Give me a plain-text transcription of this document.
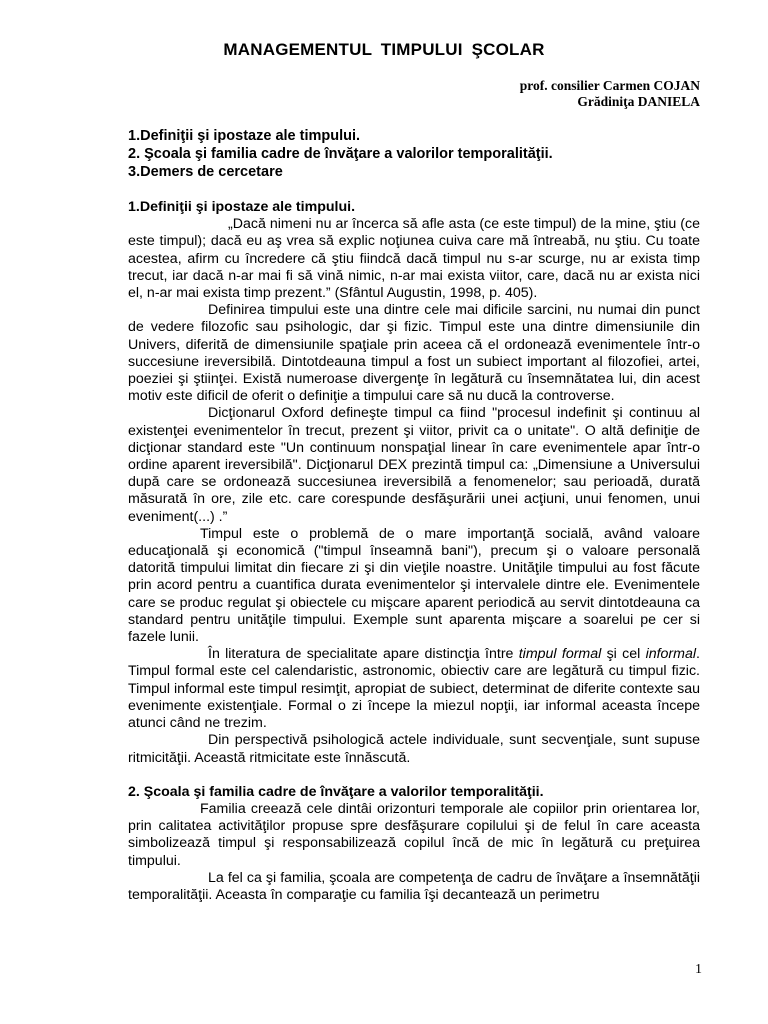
MANAGEMENTUL TIMPULUI ŞCOLAR
prof. consilier Carmen COJAN
Grădiniţa DANIELA
1.Definiţii şi ipostaze ale timpului.
2. Şcoala şi familia cadre de învăţare a valorilor temporalităţii.
3.Demers de cercetare

1.Definiţii şi ipostaze ale timpului.

„Dacă nimeni nu ar încerca să afle asta (ce este timpul) de la mine, ştiu (ce este timpul); dacă eu aş vrea să explic noţiunea cuiva care mă întreabă, nu ştiu. Cu toate acestea, afirm cu încredere că ştiu fiindcă dacă timpul nu s-ar scurge, nu ar exista timp trecut, iar dacă n-ar mai fi să vină nimic, n-ar mai exista viitor, care, dacă nu ar exista nici el, n-ar mai exista timp prezent.” (Sfântul Augustin, 1998, p. 405).

Definirea timpului este una dintre cele mai dificile sarcini, nu numai din punct de vedere filozofic sau psihologic, dar şi fizic. Timpul este una dintre dimensiunile din Univers, diferită de dimensiunile spaţiale prin aceea că el ordonează evenimentele într-o succesiune ireversibilă. Dintotdeauna timpul a fost un subiect important al filozofiei, artei, poeziei şi ştiinţei. Există numeroase divergenţe în legătură cu însemnătatea lui, din acest motiv este dificil de oferit o definiţie a timpului care să nu ducă la controverse.

Dicţionarul Oxford defineşte timpul ca fiind "procesul indefinit şi continuu al existenţei evenimentelor în trecut, prezent şi viitor, privit ca o unitate". O altă definiţie de dicţionar standard este "Un continuum nonspaţial linear în care evenimentele apar într-o ordine aparent ireversibilă". Dicţionarul DEX prezintă timpul ca: „Dimensiune a Universului după care se ordonează succesiunea ireversibilă a fenomenelor; sau perioadă, durată măsurată în ore, zile etc. care corespunde desfăşurării unei acţiuni, unui fenomen, unui eveniment(...) .”

Timpul este o problemă de o mare importanţă socială, având valoare educaţională şi economică ("timpul înseamnă bani"), precum şi o valoare personală datorită timpului limitat din fiecare zi şi din vieţile noastre. Unităţile timpului au fost făcute prin acord pentru a cuantifica durata evenimentelor şi intervalele dintre ele. Evenimentele care se produc regulat şi obiectele cu mişcare aparent periodică au servit dintotdeauna ca standard pentru unităţile timpului. Exemple sunt aparenta mişcare a soarelui pe cer si fazele lunii.

În literatura de specialitate apare distincţia între timpul formal şi cel informal. Timpul formal este cel calendaristic, astronomic, obiectiv care are legătură cu timpul fizic. Timpul informal este timpul resimţit, apropiat de subiect, determinat de diferite contexte sau evenimente existenţiale. Formal o zi începe la miezul nopţii, iar informal aceasta începe atunci când ne trezim.

Din perspectivă psihologică actele individuale, sunt secvenţiale, sunt supuse ritmicităţii. Această ritmicitate este înnăscută.

2. Şcoala şi familia cadre de învăţare a valorilor temporalităţii.

Familia creează cele dintâi orizonturi temporale ale copiilor prin orientarea lor, prin calitatea activităţilor propuse spre desfăşurare copilului şi de felul în care aceasta simbolizează timpul şi responsabilizează copilul încă de mic în legătură cu preţuirea timpului.

La fel ca şi familia, şcoala are competenţa de cadru de învăţare a însemnătăţii temporalităţii. Aceasta în comparaţie cu familia îşi decantează un perimetru

1
